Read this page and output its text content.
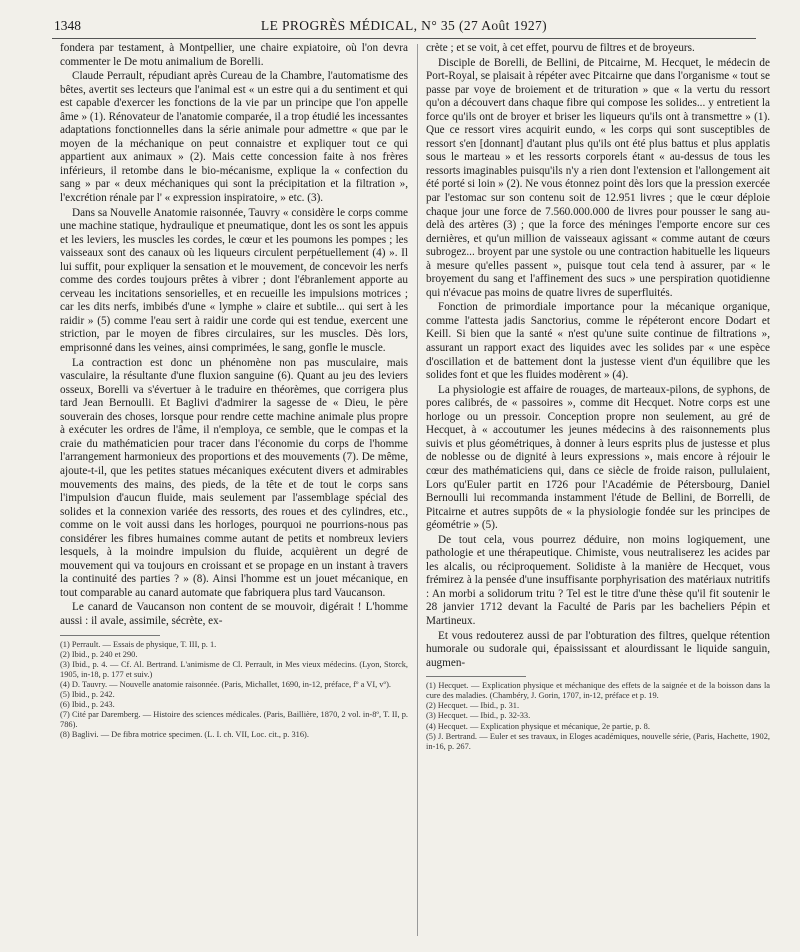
1348	LE PROGRÈS MÉDICAL, N° 35 (27 Août 1927)

fondera par testament, à Montpellier, une chaire expiatoire, où l'on devra commenter le De motu animalium de Borelli.

Claude Perrault, répudiant après Cureau de la Chambre, l'automatisme des bêtes, avertit ses lecteurs que l'animal est « un estre qui a du sentiment et qui est capable d'exercer les fonctions de la vie par un principe que l'on appelle âme » (1). Rénovateur de l'anatomie comparée, il a trop étudié les incessantes adaptations fonctionnelles dans la série animale pour admettre « que par le moyen de la méchanique on peut connaistre et expliquer tout ce qui appartient aux animaux » (2). Mais cette concession faite à nos frères inférieurs, il retombe dans le bio-mécanisme, explique la « confection du sang » par « deux méchaniques qui sont la précipitation et la filtration », l'excrétion rénale par l' « expression inspiratoire, » etc. (3).

Dans sa Nouvelle Anatomie raisonnée, Tauvry « considère le corps comme une machine statique, hydraulique et pneumatique, dont les os sont les appuis et les leviers, les muscles les cordes, le cœur et les poumons les pompes ; les vaisseaux sont des canaux où les liqueurs circulent perpétuellement (4) ». Il lui suffit, pour expliquer la sensation et le mouvement, de concevoir les nerfs comme des cordes toujours prêtes à vibrer ; dont l'ébranlement apporte au cerveau les incitations sensorielles, et en recueille les impulsions motrices ; car les dits nerfs, imbibés d'une « lymphe » claire et subtile... qui sert à les raidir » (5) comme l'eau sert à raidir une corde qui est tendue, exercent une striction, par le moyen de fibres circulaires, sur les muscles. Dès lors, emprisonné dans les veines, ainsi comprimées, le sang, gonfle le muscle.

La contraction est donc un phénomène non pas musculaire, mais vasculaire, la résultante d'une fluxion sanguine (6). Quant au jeu des leviers osseux, Borelli va s'évertuer à le traduire en théorèmes, que corrigera plus tard Jean Bernoulli. Et Baglivi d'admirer la sagesse de « Dieu, le père souverain des choses, lorsque pour rendre cette machine animale plus propre à exécuter les ordres de l'âme, il n'employa, ce semble, que le compas et la craie du mathématicien pour tracer dans l'économie du corps de l'homme l'arrangement harmonieux des proportions et des mouvements (7). De même, ajoute-t-il, que les petites statues mécaniques exécutent divers et admirables mouvements des mains, des pieds, de la tête et de tout le corps sans l'impulsion d'aucun fluide, mais seulement par l'assemblage spécial des solides et la connexion variée des ressorts, des roues et des cylindres, etc., comme on le voit aussi dans les horloges, pourquoi ne pourrions-nous pas considérer les fibres humaines comme autant de petits et nombreux leviers lesquels, à la moindre impulsion du fluide, acquièrent un degré de mouvement qui va toujours en croissant et se propage en un instant à travers la continuité des parties ? » (8). Ainsi l'homme est un jouet mécanique, en tout comparable au canard automate que fabriquera plus tard Vaucanson.

Le canard de Vaucanson non content de se mouvoir, digérait ! L'homme aussi : il avale, assimile, sécrète, ex-

(1) Perrault. — Essais de physique, T. III, p. 1.
(2) Ibid., p. 240 et 290.
(3) Ibid., p. 4. — Cf. Al. Bertrand. L'animisme de Cl. Perrault, in Mes vieux médecins. (Lyon, Storck, 1905, in-18, p. 177 et suiv.)
(4) D. Tauvry. — Nouvelle anatomie raisonnée. (Paris, Michallet, 1690, in-12, préface, fº a VI, vº).
(5) Ibid., p. 242.
(6) Ibid., p. 243.
(7) Cité par Daremberg. — Histoire des sciences médicales. (Paris, Baillière, 1870, 2 vol. in-8º, T. II, p. 786).
(8) Baglivi. — De fibra motrice specimen. (L. I. ch. VII, Loc. cit., p. 316).

crète ; et se voit, à cet effet, pourvu de filtres et de broyeurs.

Disciple de Borelli, de Bellini, de Pitcairne, M. Hecquet, le médecin de Port-Royal, se plaisait à répéter avec Pitcairne que dans l'organisme « tout se passe par voye de broiement et de trituration » que « la vertu du ressort qu'on a découvert dans chaque fibre qui compose les solides... y entretient la force qu'ils ont de broyer et briser les liqueurs qu'ils ont à transmettre » (1). Que ce ressort vires acquirit eundo, « les corps qui sont susceptibles de ressort s'en [donnant] d'autant plus qu'ils ont été plus battus et plus applatis sous le marteau » et les ressorts corporels étant « au-dessus de tous les ressorts imaginables puisqu'ils n'y a rien dont l'extension et l'allongement ait été porté si loin » (2). Ne vous étonnez point dès lors que la pression exercée par l'estomac sur son contenu soit de 12.951 livres ; que le cœur déploie chaque jour une force de 7.560.000.000 de livres pour pousser le sang au-delà des artères (3) ; que la force des méninges l'emporte encore sur ces dernières, et qu'un million de vaisseaux agissant « comme autant de cœurs subrogez... broyent par une systole ou une contraction habituelle les liqueurs à mesure qu'elles passent », puisque tout cela tend à assurer, par « le broyement du sang et l'affinement des sucs » une perspiration quotidienne qui n'évacue pas moins de quatre livres de superfluités.

Fonction de primordiale importance pour la mécanique organique, comme l'attesta jadis Sanctorius, comme le répéteront encore Dodart et Keill. Si bien que la santé « n'est qu'une suite continue de filtrations », assurant un rapport exact des liquides avec les solides par « une espèce d'oscillation et de battement dont la justesse vient d'un équilibre que les solides font et que les fluides modèrent » (4).

La physiologie est affaire de rouages, de marteaux-pilons, de syphons, de pores calibrés, de « passoires », comme dit Hecquet. Notre corps est une horloge ou un pressoir. Conception propre non seulement, au gré de Hecquet, à « accoutumer les jeunes médecins à des raisonnements plus suivis et plus géométriques, à donner à leurs esprits plus de justesse et plus de noblesse ou de dignité à leurs expressions », mais encore à réjouir le cœur des mathématiciens qui, dans ce siècle de froide raison, pullulaient, Lors qu'Euler partit en 1726 pour l'Académie de Pétersbourg, Daniel Bernoulli lui recommanda instamment l'étude de Bellini, de Borrelli, de Pitcairne et autres suppôts de « la physiologie fondée sur les principes de géométrie » (5).

De tout cela, vous pourrez déduire, non moins logiquement, une pathologie et une thérapeutique. Chimiste, vous neutraliserez les acides par les alcalis, ou réciproquement. Solidiste à la manière de Hecquet, vous frémirez à la pensée d'une insuffisante porphyrisation des matériaux nutritifs : An morbi a solidorum tritu ? Tel est le titre d'une thèse qu'il fit soutenir le 28 janvier 1712 devant la Faculté de Paris par les bacheliers Pépin et Martineux.

Et vous redouterez aussi de par l'obturation des filtres, quelque rétention humorale ou sudorale qui, épaississant et alourdissant le liquide sanguin, augmen-

(1) Hecquet. — Explication physique et méchanique des effets de la saignée et de la boisson dans la cure des maladies. (Chambéry, J. Gorin, 1707, in-12, préface et p. 19.
(2) Hecquet. — Ibid., p. 31.
(3) Hecquet. — Ibid., p. 32-33.
(4) Hecquet. — Explication physique et mécanique, 2e partie, p. 8.
(5) J. Bertrand. — Euler et ses travaux, in Eloges académiques, nouvelle série, (Paris, Hachette, 1902, in-16, p. 267.
